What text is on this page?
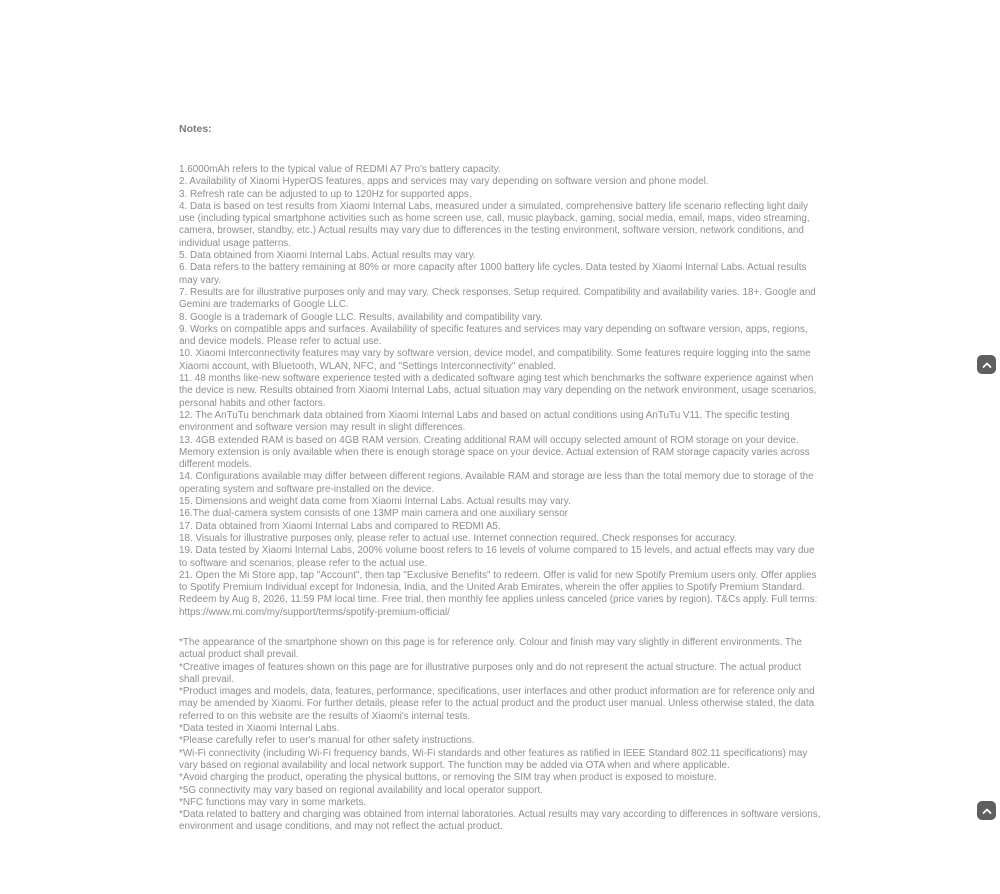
Notes:
1.6000mAh refers to the typical value of REDMI A7 Pro's battery capacity.
2. Availability of Xiaomi HyperOS features, apps and services may vary depending on software version and phone model.
3. Refresh rate can be adjusted to up to 120Hz for supported apps.
4. Data is based on test results from Xiaomi Internal Labs, measured under a simulated, comprehensive battery life scenario reflecting light daily use (including typical smartphone activities such as home screen use, call, music playback, gaming, social media, email, maps, video streaming, camera, browser, standby, etc.) Actual results may vary due to differences in the testing environment, software version, network conditions, and individual usage patterns.
5. Data obtained from Xiaomi Internal Labs. Actual results may vary.
6. Data refers to the battery remaining at 80% or more capacity after 1000 battery life cycles. Data tested by Xiaomi Internal Labs. Actual results may vary.
7. Results are for illustrative purposes only and may vary. Check responses. Setup required. Compatibility and availability varies. 18+. Google and Gemini are trademarks of Google LLC.
8. Google is a trademark of Google LLC. Results, availability and compatibility vary.
9. Works on compatible apps and surfaces. Availability of specific features and services may vary depending on software version, apps, regions, and device models. Please refer to actual use.
10. Xiaomi Interconnectivity features may vary by software version, device model, and compatibility. Some features require logging into the same Xiaomi account, with Bluetooth, WLAN, NFC, and "Settings Interconnectivity" enabled.
11. 48 months like-new software experience tested with a dedicated software aging test which benchmarks the software experience against when the device is new. Results obtained from Xiaomi Internal Labs, actual situation may vary depending on the network environment, usage scenarios, personal habits and other factors.
12. The AnTuTu benchmark data obtained from Xiaomi Internal Labs and based on actual conditions using AnTuTu V11. The specific testing environment and software version may result in slight differences.
13. 4GB extended RAM is based on 4GB RAM version. Creating additional RAM will occupy selected amount of ROM storage on your device. Memory extension is only available when there is enough storage space on your device. Actual extension of RAM storage capacity varies across different models.
14. Configurations available may differ between different regions. Available RAM and storage are less than the total memory due to storage of the operating system and software pre-installed on the device.
15. Dimensions and weight data come from Xiaomi Internal Labs. Actual results may vary.
16.The dual-camera system consists of one 13MP main camera and one auxiliary sensor
17. Data obtained from Xiaomi Internal Labs and compared to REDMI A5.
18. Visuals for illustrative purposes only, please refer to actual use. Internet connection required. Check responses for accuracy.
19. Data tested by Xiaomi Internal Labs, 200% volume boost refers to 16 levels of volume compared to 15 levels, and actual effects may vary due to software and scenarios, please refer to the actual use.
21. Open the Mi Store app, tap "Account", then tap "Exclusive Benefits" to redeem. Offer is valid for new Spotify Premium users only. Offer applies to Spotify Premium Individual except for Indonesia, India, and the United Arab Emirates, wherein the offer applies to Spotify Premium Standard. Redeem by Aug 8, 2026, 11:59 PM local time. Free trial, then monthly fee applies unless canceled (price varies by region). T&Cs apply. Full terms: https://www.mi.com/my/support/terms/spotify-premium-official/
*The appearance of the smartphone shown on this page is for reference only. Colour and finish may vary slightly in different environments. The actual product shall prevail.
*Creative images of features shown on this page are for illustrative purposes only and do not represent the actual structure. The actual product shall prevail.
*Product images and models, data, features, performance, specifications, user interfaces and other product information are for reference only and may be amended by Xiaomi. For further details, please refer to the actual product and the product user manual. Unless otherwise stated, the data referred to on this website are the results of Xiaomi's internal tests.
*Data tested in Xiaomi Internal Labs.
*Please carefully refer to user's manual for other safety instructions.
*Wi-Fi connectivity (including Wi-Fi frequency bands, Wi-Fi standards and other features as ratified in IEEE Standard 802.11 specifications) may vary based on regional availability and local network support. The function may be added via OTA when and where applicable.
*Avoid charging the product, operating the physical buttons, or removing the SIM tray when product is exposed to moisture.
*5G connectivity may vary based on regional availability and local operator support.
*NFC functions may vary in some markets.
*Data related to battery and charging was obtained from internal laboratories. Actual results may vary according to differences in software versions, environment and usage conditions, and may not reflect the actual product.
